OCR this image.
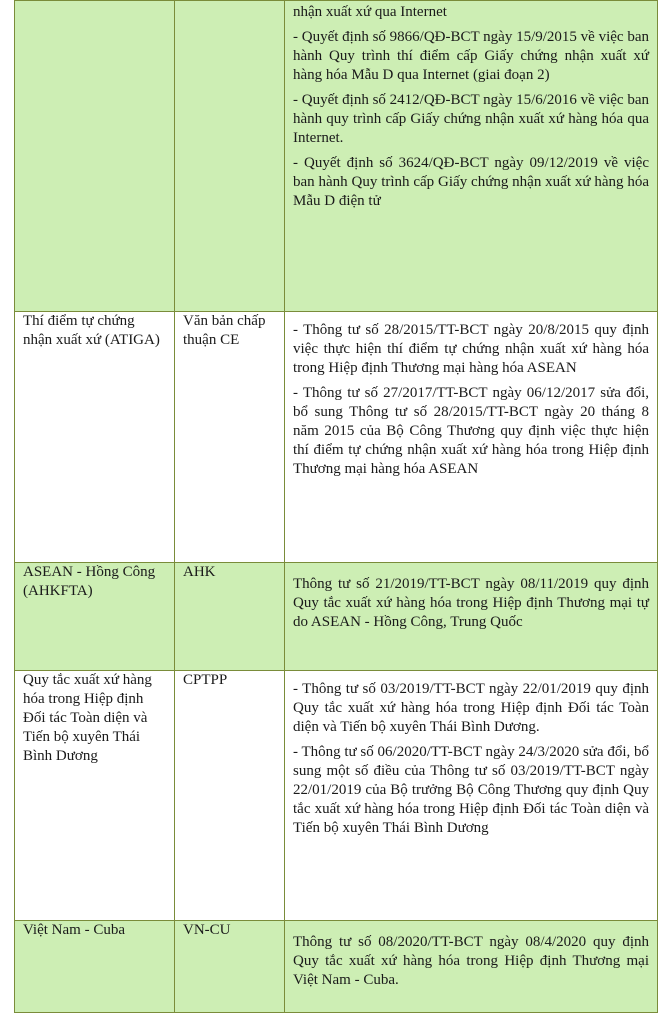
		nhận xuất xứ qua Internet

- Quyết định số 9866/QĐ-BCT ngày 15/9/2015 về việc ban hành Quy trình thí điểm cấp Giấy chứng nhận xuất xứ hàng hóa Mẫu D qua Internet (giai đoạn 2)

- Quyết định số 2412/QĐ-BCT ngày 15/6/2016 về việc ban hành quy trình cấp Giấy chứng nhận xuất xứ hàng hóa qua Internet.

- Quyết định số 3624/QĐ-BCT ngày 09/12/2019 về việc ban hành Quy trình cấp Giấy chứng nhận xuất xứ hàng hóa Mẫu D điện tử

Thí điểm tự chứng nhận xuất xứ (ATIGA)	Văn bản chấp thuận CE	- Thông tư số 28/2015/TT-BCT ngày 20/8/2015 quy định việc thực hiện thí điểm tự chứng nhận xuất xứ hàng hóa trong Hiệp định Thương mại hàng hóa ASEAN

- Thông tư số 27/2017/TT-BCT ngày 06/12/2017 sửa đổi, bổ sung Thông tư số 28/2015/TT-BCT ngày 20 tháng 8 năm 2015 của Bộ Công Thương quy định việc thực hiện thí điểm tự chứng nhận xuất xứ hàng hóa trong Hiệp định Thương mại hàng hóa ASEAN

ASEAN - Hồng Công (AHKFTA)	AHK	Thông tư số 21/2019/TT-BCT ngày 08/11/2019 quy định Quy tắc xuất xứ hàng hóa trong Hiệp định Thương mại tự do ASEAN - Hồng Công, Trung Quốc

Quy tắc xuất xứ hàng hóa trong Hiệp định Đối tác Toàn diện và Tiến bộ xuyên Thái Bình Dương	CPTPP	- Thông tư số 03/2019/TT-BCT ngày 22/01/2019 quy định Quy tắc xuất xứ hàng hóa trong Hiệp định Đối tác Toàn diện và Tiến bộ xuyên Thái Bình Dương.

- Thông tư số 06/2020/TT-BCT ngày 24/3/2020 sửa đổi, bổ sung một số điều của Thông tư số 03/2019/TT-BCT ngày 22/01/2019 của Bộ trưởng Bộ Công Thương quy định Quy tắc xuất xứ hàng hóa trong Hiệp định Đối tác Toàn diện và Tiến bộ xuyên Thái Bình Dương

Việt Nam - Cuba	VN-CU	Thông tư số 08/2020/TT-BCT ngày 08/4/2020 quy định Quy tắc xuất xứ hàng hóa trong Hiệp định Thương mại Việt Nam - Cuba.
